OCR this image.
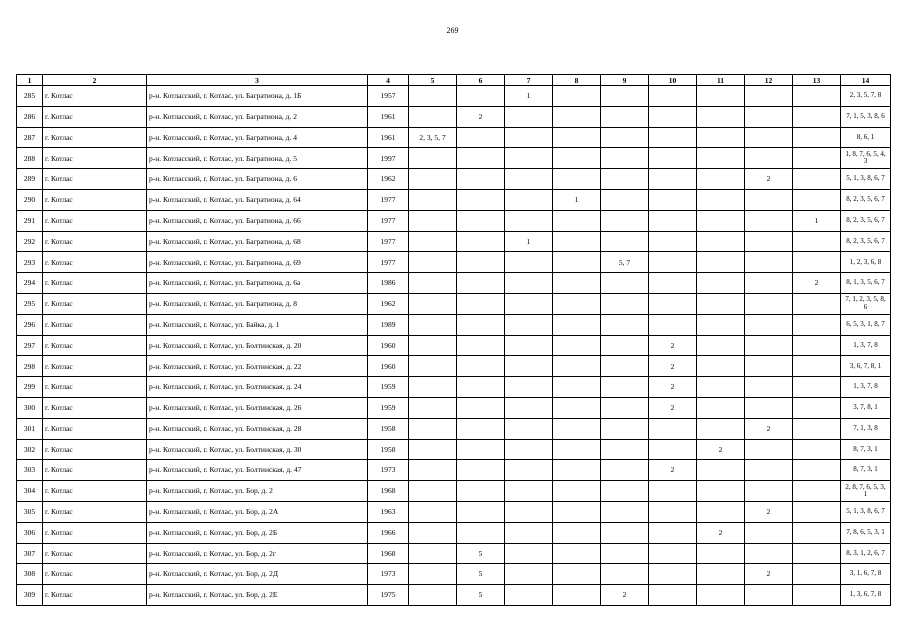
269
1	2	3	4	5	6	7	8	9	10	11	12	13	14
285	г. Котлас	р-н. Котласский, г. Котлас, ул. Багратиона, д. 1Б	1957			1							2, 3, 5, 7, 8
286	г. Котлас	р-н. Котласский, г. Котлас, ул. Багратиона, д. 2	1961		2								7, 1, 5, 3, 8, 6
287	г. Котлас	р-н. Котласский, г. Котлас, ул. Багратиона, д. 4	1961	2, 3, 5, 7									8, 6, 1
288	г. Котлас	р-н. Котласский, г. Котлас, ул. Багратиона, д. 5	1997										1, 8, 7, 6, 5, 4, 3
289	г. Котлас	р-н. Котласский, г. Котлас, ул. Багратиона, д. 6	1962								2		5, 1, 3, 8, 6, 7
290	г. Котлас	р-н. Котласский, г. Котлас, ул. Багратиона, д. 64	1977				1						8, 2, 3, 5, 6, 7
291	г. Котлас	р-н. Котласский, г. Котлас, ул. Багратиона, д. 66	1977									1	8, 2, 3, 5, 6, 7
292	г. Котлас	р-н. Котласский, г. Котлас, ул. Багратиона, д. 68	1977			1							8, 2, 3, 5, 6, 7
293	г. Котлас	р-н. Котласский, г. Котлас, ул. Багратиона, д. 69	1977					5, 7					1, 2, 3, 6, 8
294	г. Котлас	р-н. Котласский, г. Котлас, ул. Багратиона, д. 6а	1986									2	8, 1, 3, 5, 6, 7
295	г. Котлас	р-н. Котласский, г. Котлас, ул. Багратиона, д. 8	1962										7, 1, 2, 3, 5, 8, 6
296	г. Котлас	р-н. Котласский, г. Котлас, ул. Байка, д. 1	1989										6, 5, 3, 1, 8, 7
297	г. Котлас	р-н. Котласский, г. Котлас, ул. Болтинская, д. 20	1960						2				1, 3, 7, 8
298	г. Котлас	р-н. Котласский, г. Котлас, ул. Болтинская, д. 22	1960						2				3, 6, 7, 8, 1
299	г. Котлас	р-н. Котласский, г. Котлас, ул. Болтинская, д. 24	1959						2				1, 3, 7, 8
300	г. Котлас	р-н. Котласский, г. Котлас, ул. Болтинская, д. 26	1959						2				3, 7, 8, 1
301	г. Котлас	р-н. Котласский, г. Котлас, ул. Болтинская, д. 28	1958								2		7, 1, 3, 8
302	г. Котлас	р-н. Котласский, г. Котлас, ул. Болтинская, д. 30	1958							2			8, 7, 3, 1
303	г. Котлас	р-н. Котласский, г. Котлас, ул. Болтинская, д. 47	1973						2				8, 7, 3, 1
304	г. Котлас	р-н. Котласский, г. Котлас, ул. Бор, д. 2	1968										2, 8, 7, 6, 5, 3, 1
305	г. Котлас	р-н. Котласский, г. Котлас, ул. Бор, д. 2А	1963								2		5, 1, 3, 8, 6, 7
306	г. Котлас	р-н. Котласский, г. Котлас, ул. Бор, д. 2Б	1966							2			7, 8, 6, 5, 3, 1
307	г. Котлас	р-н. Котласский, г. Котлас, ул. Бор, д. 2г	1968		5								8, 3, 1, 2, 6, 7
308	г. Котлас	р-н. Котласский, г. Котлас, ул. Бор, д. 2Д	1973		5						2		3, 1, 6, 7, 8
309	г. Котлас	р-н. Котласский, г. Котлас, ул. Бор, д. 2Е	1975		5			2					1, 3, 6, 7, 8
